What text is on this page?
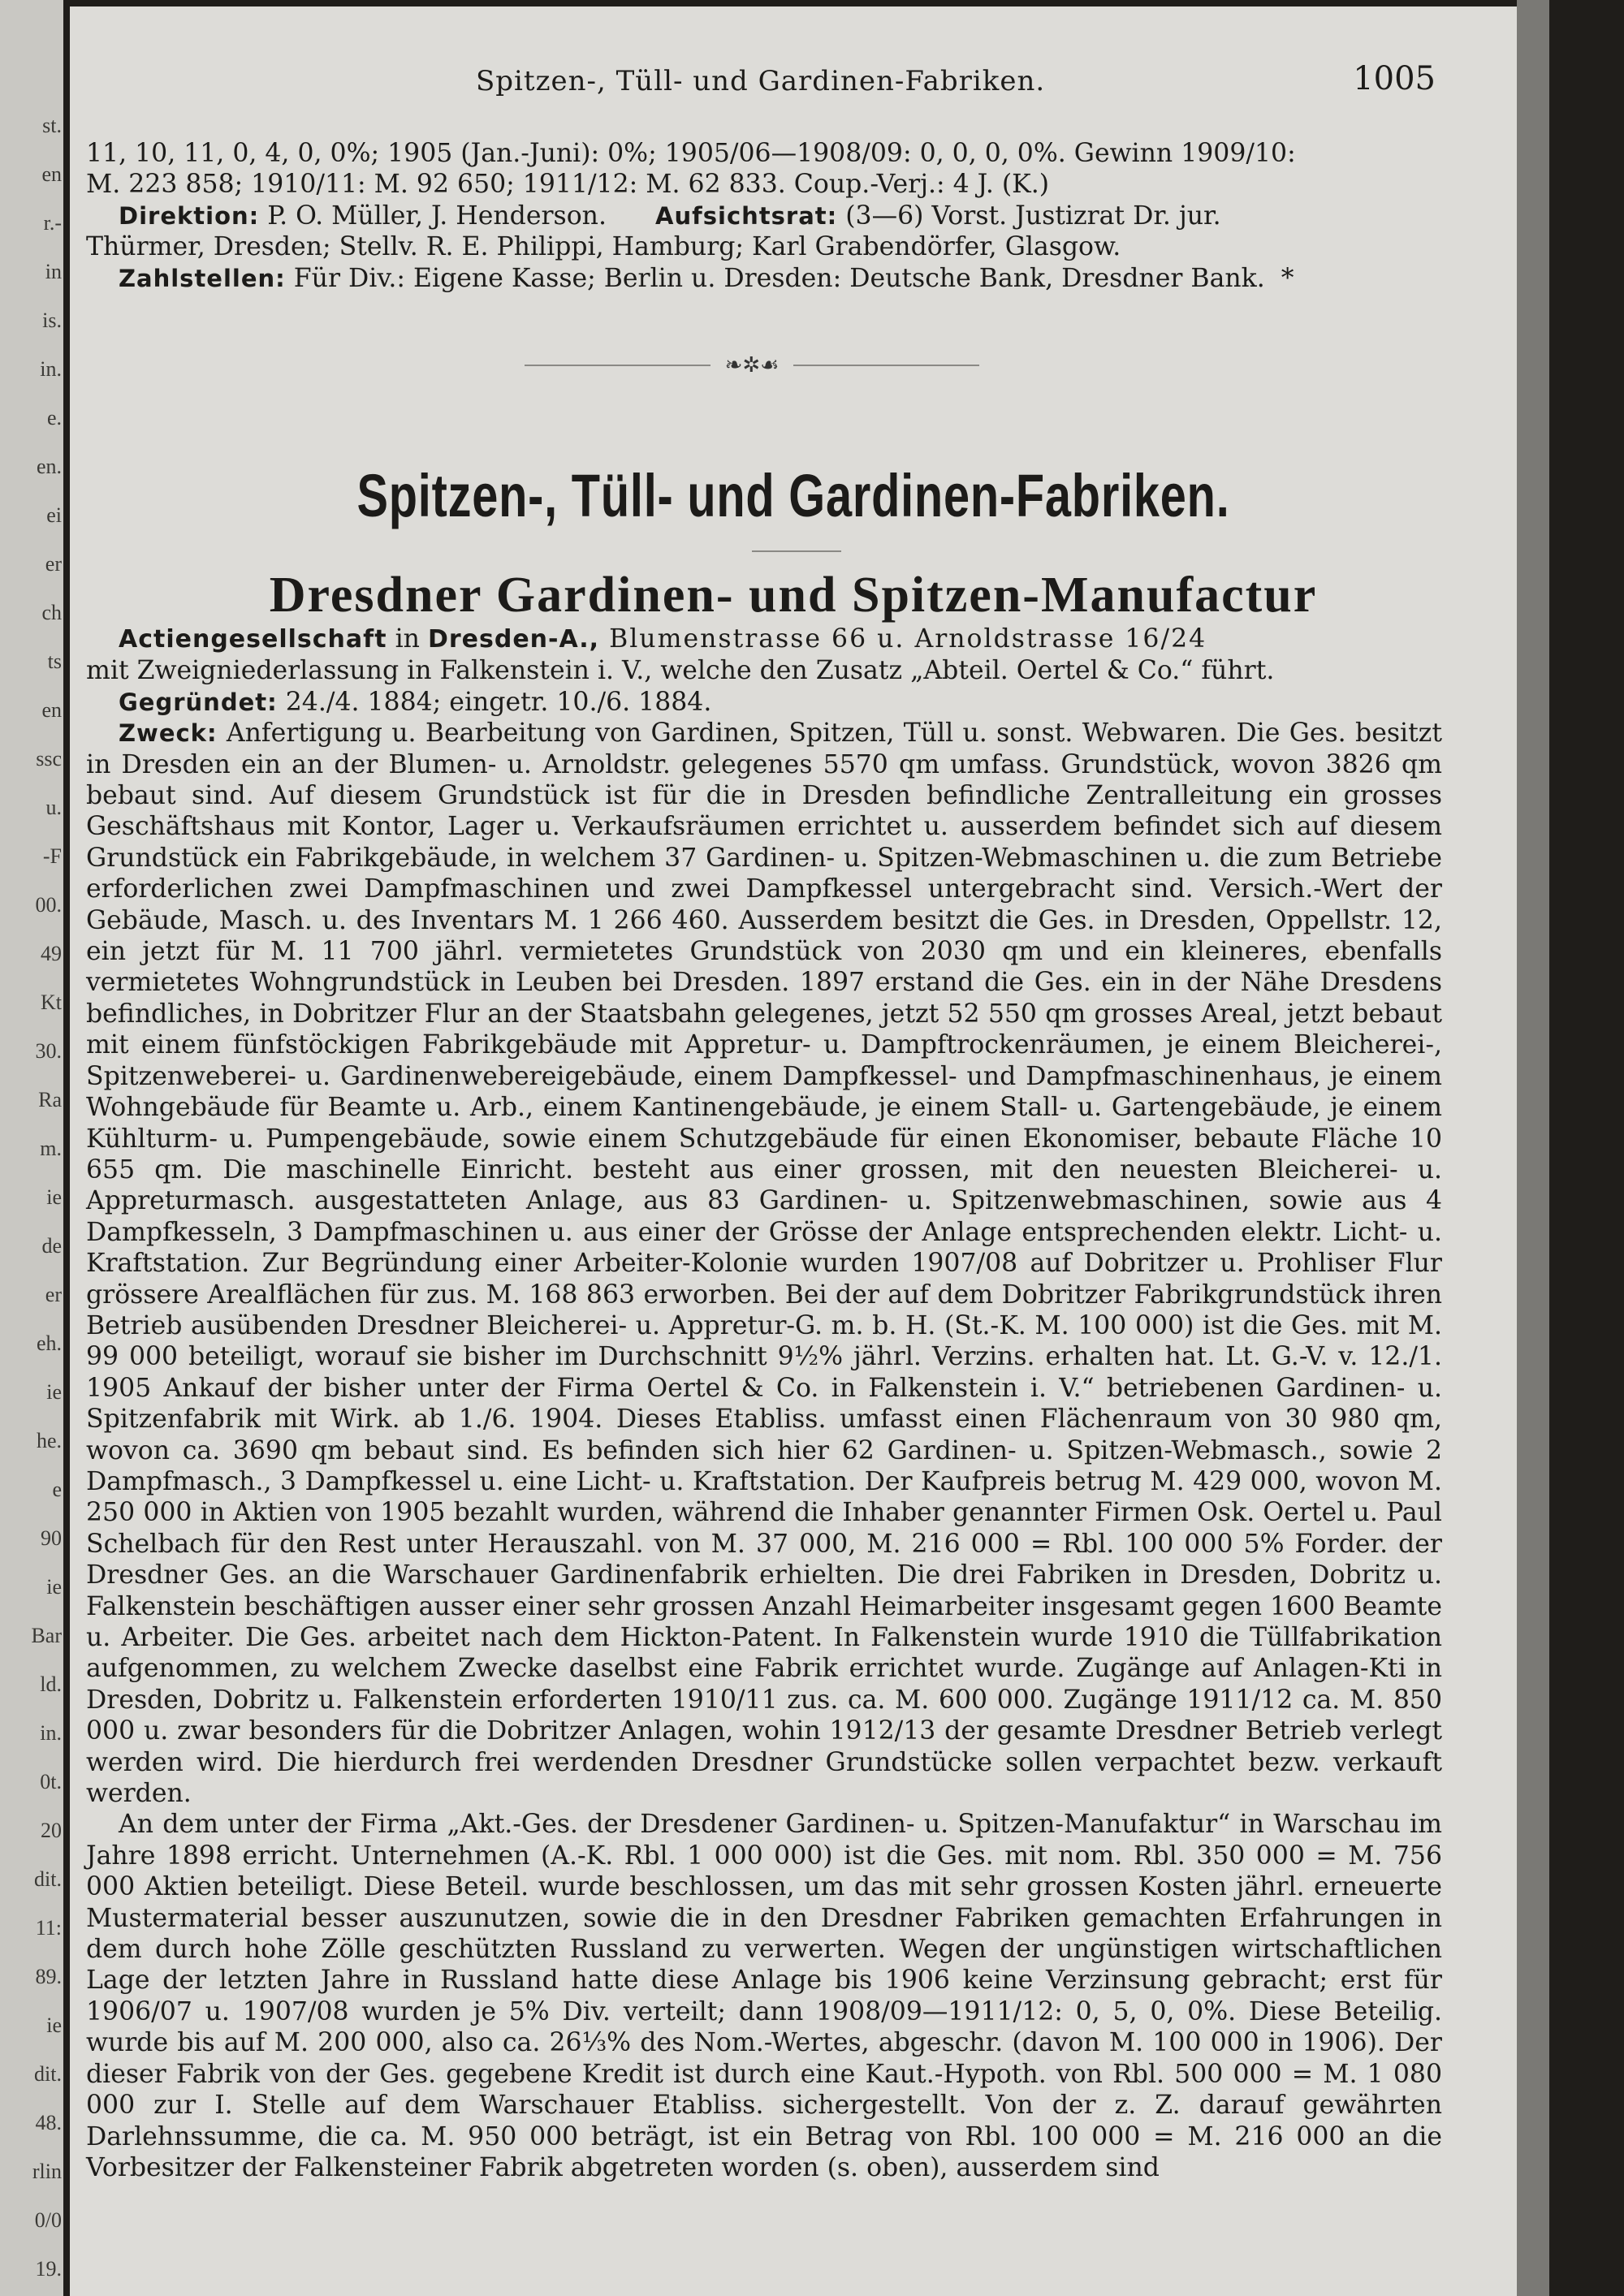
st.
en
r.-
in
is.
in.
e.
en.
ei
er
ch
ts
en
ssc
u.
-F
00.
49
Kt
30.
Ra
m.
ie
de
er
eh.
ie
he.
e
90
ie
Bar
ld.
in.
0t.
20
dit.
11:
89.
ie
dit.
48.
rlin
0/0
19.
Spitzen-, Tüll- und Gardinen-Fabriken.	1005

11, 10, 11, 0, 4, 0, 0%; 1905 (Jan.-Juni): 0%; 1905/06—1908/09: 0, 0, 0, 0%. Gewinn 1909/10:

M. 223 858; 1910/11: M. 92 650; 1911/12: M. 62 833. Coup.-Verj.: 4 J. (K.)

Direktion: P. O. Müller, J. Henderson. Aufsichtsrat: (3—6) Vorst. Justizrat Dr. jur.

Thürmer, Dresden; Stellv. R. E. Philippi, Hamburg; Karl Grabendörfer, Glasgow.

Zahlstellen: Für Div.: Eigene Kasse; Berlin u. Dresden: Deutsche Bank, Dresdner Bank. *

❧✲☙
Spitzen-, Tüll- und Gardinen-Fabriken.
Dresdner Gardinen- und Spitzen-Manufactur

Actiengesellschaft in Dresden-A., Blumenstrasse 66 u. Arnoldstrasse 16/24

mit Zweigniederlassung in Falkenstein i. V., welche den Zusatz „Abteil. Oertel & Co.“ führt.

Gegründet: 24./4. 1884; eingetr. 10./6. 1884.

Zweck: Anfertigung u. Bearbeitung von Gardinen, Spitzen, Tüll u. sonst. Webwaren. Die Ges. besitzt in Dresden ein an der Blumen- u. Arnoldstr. gelegenes 5570 qm umfass. Grundstück, wovon 3826 qm bebaut sind. Auf diesem Grundstück ist für die in Dresden befindliche Zentralleitung ein grosses Geschäftshaus mit Kontor, Lager u. Verkaufsräumen errichtet u. ausserdem befindet sich auf diesem Grundstück ein Fabrikgebäude, in welchem 37 Gardinen- u. Spitzen-Webmaschinen u. die zum Betriebe erforderlichen zwei Dampfmaschinen und zwei Dampfkessel untergebracht sind. Versich.-Wert der Gebäude, Masch. u. des Inventars M. 1 266 460. Ausserdem besitzt die Ges. in Dresden, Oppellstr. 12, ein jetzt für M. 11 700 jährl. vermietetes Grundstück von 2030 qm und ein kleineres, ebenfalls vermietetes Wohngrundstück in Leuben bei Dresden. 1897 erstand die Ges. ein in der Nähe Dresdens befindliches, in Dobritzer Flur an der Staatsbahn gelegenes, jetzt 52 550 qm grosses Areal, jetzt bebaut mit einem fünfstöckigen Fabrikgebäude mit Appretur- u. Dampftrockenräumen, je einem Bleicherei-, Spitzenweberei- u. Gardinenwebereigebäude, einem Dampfkessel- und Dampfmaschinenhaus, je einem Wohngebäude für Beamte u. Arb., einem Kantinengebäude, je einem Stall- u. Gartengebäude, je einem Kühlturm- u. Pumpengebäude, sowie einem Schutzgebäude für einen Ekonomiser, bebaute Fläche 10 655 qm. Die maschinelle Einricht. besteht aus einer grossen, mit den neuesten Bleicherei- u. Appreturmasch. ausgestatteten Anlage, aus 83 Gardinen- u. Spitzenwebmaschinen, sowie aus 4 Dampfkesseln, 3 Dampfmaschinen u. aus einer der Grösse der Anlage entsprechenden elektr. Licht- u. Kraftstation. Zur Begründung einer Arbeiter-Kolonie wurden 1907/08 auf Dobritzer u. Prohliser Flur grössere Arealflächen für zus. M. 168 863 erworben. Bei der auf dem Dobritzer Fabrikgrundstück ihren Betrieb ausübenden Dresdner Bleicherei- u. Appretur-G. m. b. H. (St.-K. M. 100 000) ist die Ges. mit M. 99 000 beteiligt, worauf sie bisher im Durchschnitt 9½% jährl. Verzins. erhalten hat. Lt. G.-V. v. 12./1. 1905 Ankauf der bisher unter der Firma Oertel & Co. in Falkenstein i. V.“ betriebenen Gardinen- u. Spitzenfabrik mit Wirk. ab 1./6. 1904. Dieses Etabliss. umfasst einen Flächenraum von 30 980 qm, wovon ca. 3690 qm bebaut sind. Es befinden sich hier 62 Gardinen- u. Spitzen-Webmasch., sowie 2 Dampfmasch., 3 Dampfkessel u. eine Licht- u. Kraftstation. Der Kaufpreis betrug M. 429 000, wovon M. 250 000 in Aktien von 1905 bezahlt wurden, während die Inhaber genannter Firmen Osk. Oertel u. Paul Schelbach für den Rest unter Herauszahl. von M. 37 000, M. 216 000 = Rbl. 100 000 5% Forder. der Dresdner Ges. an die Warschauer Gardinenfabrik erhielten. Die drei Fabriken in Dresden, Dobritz u. Falkenstein beschäftigen ausser einer sehr grossen Anzahl Heimarbeiter insgesamt gegen 1600 Beamte u. Arbeiter. Die Ges. arbeitet nach dem Hickton-Patent. In Falkenstein wurde 1910 die Tüllfabrikation aufgenommen, zu welchem Zwecke daselbst eine Fabrik errichtet wurde. Zugänge auf Anlagen-Kti in Dresden, Dobritz u. Falkenstein erforderten 1910/11 zus. ca. M. 600 000. Zugänge 1911/12 ca. M. 850 000 u. zwar besonders für die Dobritzer Anlagen, wohin 1912/13 der gesamte Dresdner Betrieb verlegt werden wird. Die hierdurch frei werdenden Dresdner Grundstücke sollen verpachtet bezw. verkauft werden.

An dem unter der Firma „Akt.-Ges. der Dresdener Gardinen- u. Spitzen-Manufaktur“ in Warschau im Jahre 1898 erricht. Unternehmen (A.-K. Rbl. 1 000 000) ist die Ges. mit nom. Rbl. 350 000 = M. 756 000 Aktien beteiligt. Diese Beteil. wurde beschlossen, um das mit sehr grossen Kosten jährl. erneuerte Mustermaterial besser auszunutzen, sowie die in den Dresdner Fabriken gemachten Erfahrungen in dem durch hohe Zölle geschützten Russland zu verwerten. Wegen der ungünstigen wirtschaftlichen Lage der letzten Jahre in Russland hatte diese Anlage bis 1906 keine Verzinsung gebracht; erst für 1906/07 u. 1907/08 wurden je 5% Div. verteilt; dann 1908/09—1911/12: 0, 5, 0, 0%. Diese Beteilig. wurde bis auf M. 200 000, also ca. 26⅓% des Nom.-Wertes, abgeschr. (davon M. 100 000 in 1906). Der dieser Fabrik von der Ges. gegebene Kredit ist durch eine Kaut.-Hypoth. von Rbl. 500 000 = M. 1 080 000 zur I. Stelle auf dem Warschauer Etabliss. sichergestellt. Von der z. Z. darauf gewährten Darlehnssumme, die ca. M. 950 000 beträgt, ist ein Betrag von Rbl. 100 000 = M. 216 000 an die Vorbesitzer der Falkensteiner Fabrik abgetreten worden (s. oben), ausserdem sind
